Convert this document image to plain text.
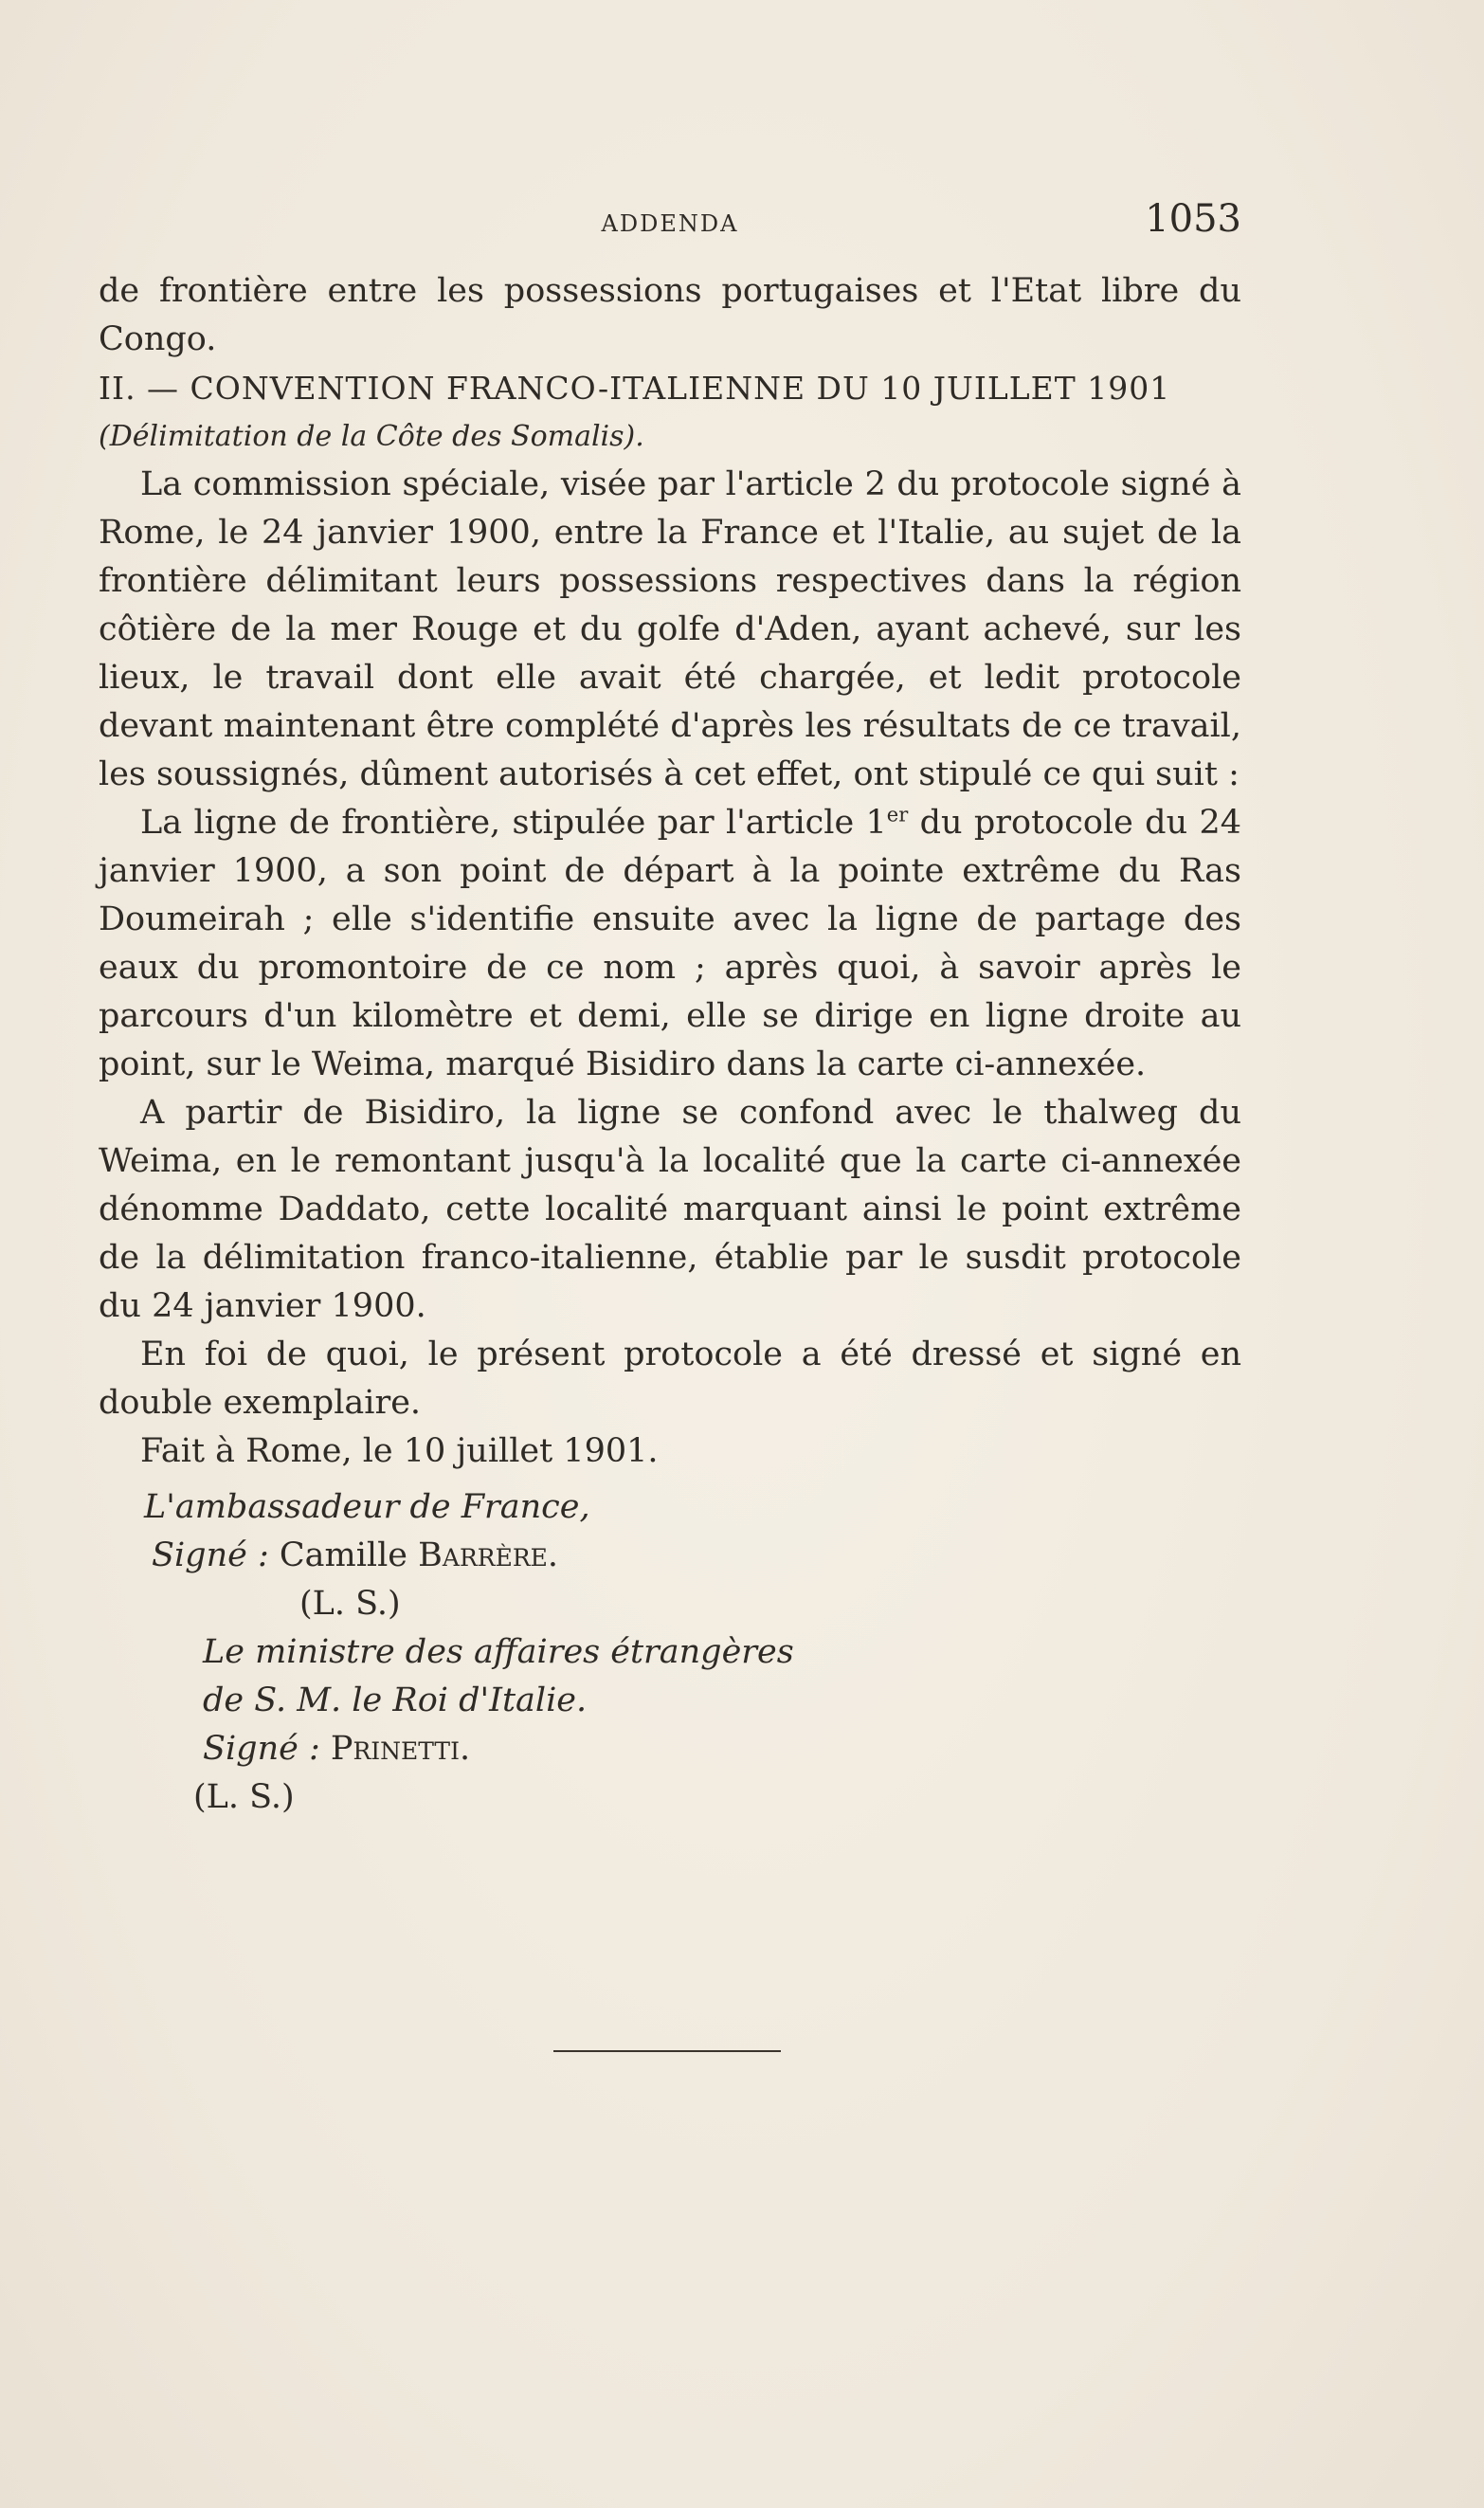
ADDENDA	1053

de frontière entre les possessions portugaises et l'Etat libre du Congo.

II. — CONVENTION FRANCO-ITALIENNE DU 10 JUILLET 1901

(Délimitation de la Côte des Somalis).

La commission spéciale, visée par l'article 2 du protocole signé à Rome, le 24 janvier 1900, entre la France et l'Italie, au sujet de la frontière délimitant leurs possessions respectives dans la région côtière de la mer Rouge et du golfe d'Aden, ayant achevé, sur les lieux, le travail dont elle avait été chargée, et ledit protocole devant maintenant être complété d'après les résultats de ce travail, les soussignés, dûment autorisés à cet effet, ont stipulé ce qui suit :

La ligne de frontière, stipulée par l'article 1er du protocole du 24 janvier 1900, a son point de départ à la pointe extrême du Ras Doumeirah ; elle s'identifie ensuite avec la ligne de partage des eaux du promontoire de ce nom ; après quoi, à savoir après le parcours d'un kilomètre et demi, elle se dirige en ligne droite au point, sur le Weima, marqué Bisidiro dans la carte ci-annexée.

A partir de Bisidiro, la ligne se confond avec le thalweg du Weima, en le remontant jusqu'à la localité que la carte ci-annexée dénomme Daddato, cette localité marquant ainsi le point extrême de la délimitation franco-italienne, établie par le susdit protocole du 24 janvier 1900.

En foi de quoi, le présent protocole a été dressé et signé en double exemplaire.

Fait à Rome, le 10 juillet 1901.

L'ambassadeur de France,

Signé : Camille Barrère.

(L. S.)

Le ministre des affaires étrangères

de S. M. le Roi d'Italie.

Signé : Prinetti.

(L. S.)
